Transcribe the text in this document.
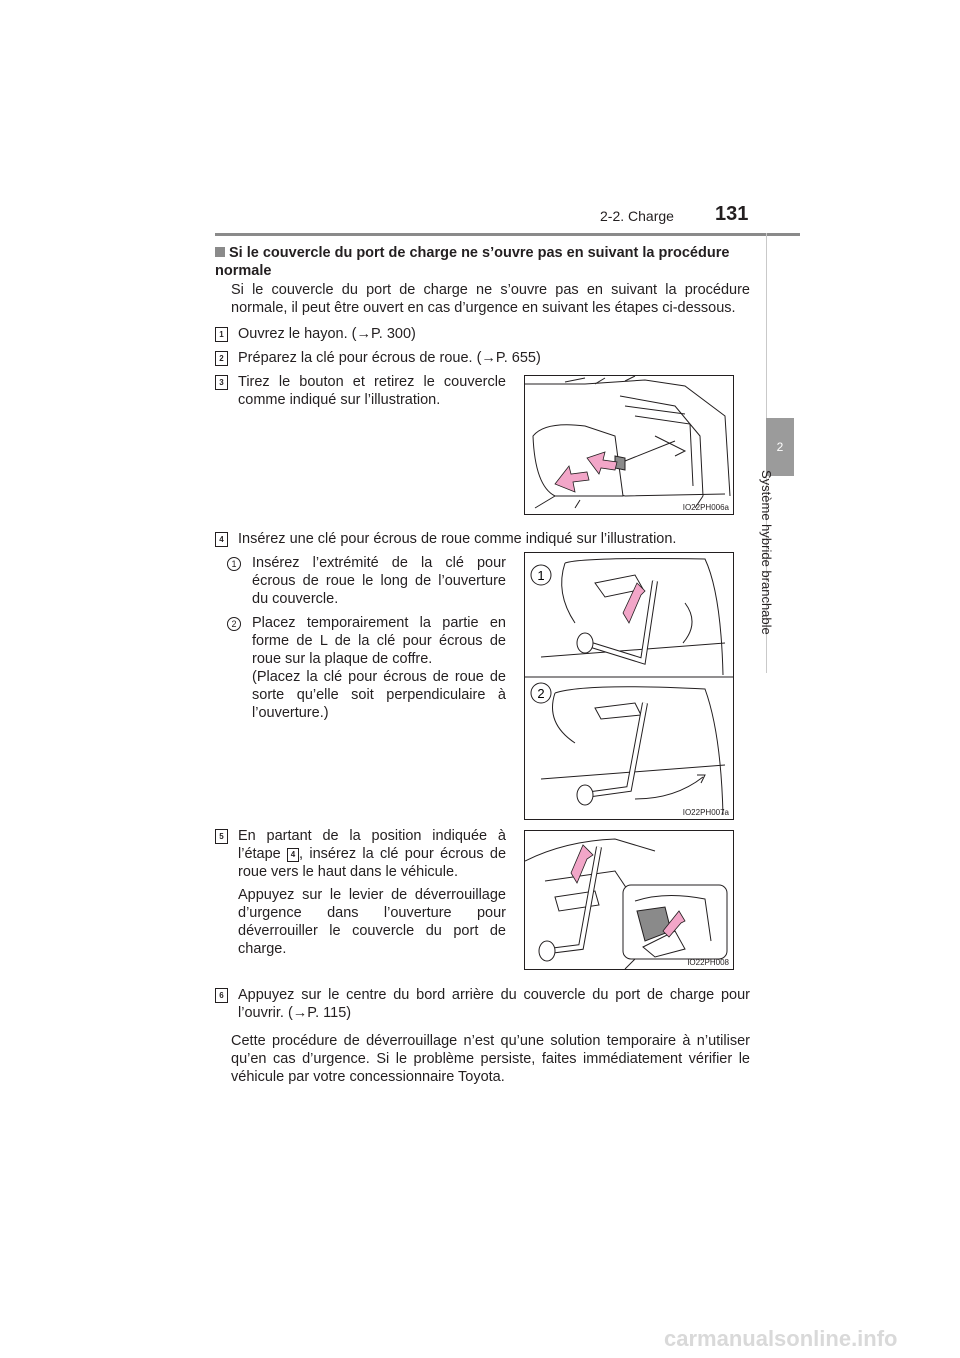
2-2. Charge 131
2
Système hybride branchable
Si le couvercle du port de charge ne s’ouvre pas en suivant la procédure normale
Si le couvercle du port de charge ne s’ouvre pas en suivant la procédure normale, il peut être ouvert en cas d’urgence en suivant les étapes ci-dessous.
1 Ouvrez le hayon. (→P. 300)
2 Préparez la clé pour écrous de roue. (→P. 655)
3 Tirez le bouton et retirez le couvercle comme indiqué sur l’illustration.
IO22PH006a
4 Insérez une clé pour écrous de roue comme indiqué sur l’illustration.
1	Insérez l’extrémité de la clé pour écrous de roue le long de l’ouverture du couvercle.
2	Placez temporairement la partie en forme de L de la clé pour écrous de roue sur la plaque de coffre.
(Placez la clé pour écrous de roue de sorte qu’elle soit perpendiculaire à l’ouverture.)
1
2
IO22PH007a
5 En partant de la position indiquée à l’étape 4 , insérez la clé pour écrous de roue vers le haut dans le véhicule.
Appuyez sur le levier de déverrouillage d’urgence dans l’ouverture pour déverrouiller le couvercle du port de charge.
IO22PH008
6 Appuyez sur le centre du bord arrière du couvercle du port de charge pour l’ouvrir. (→P. 115)
Cette procédure de déverrouillage n’est qu’une solution temporaire à n’utiliser qu’en cas d’urgence. Si le problème persiste, faites immédiatement vérifier le véhicule par votre concessionnaire Toyota.
carmanualsonline.info
